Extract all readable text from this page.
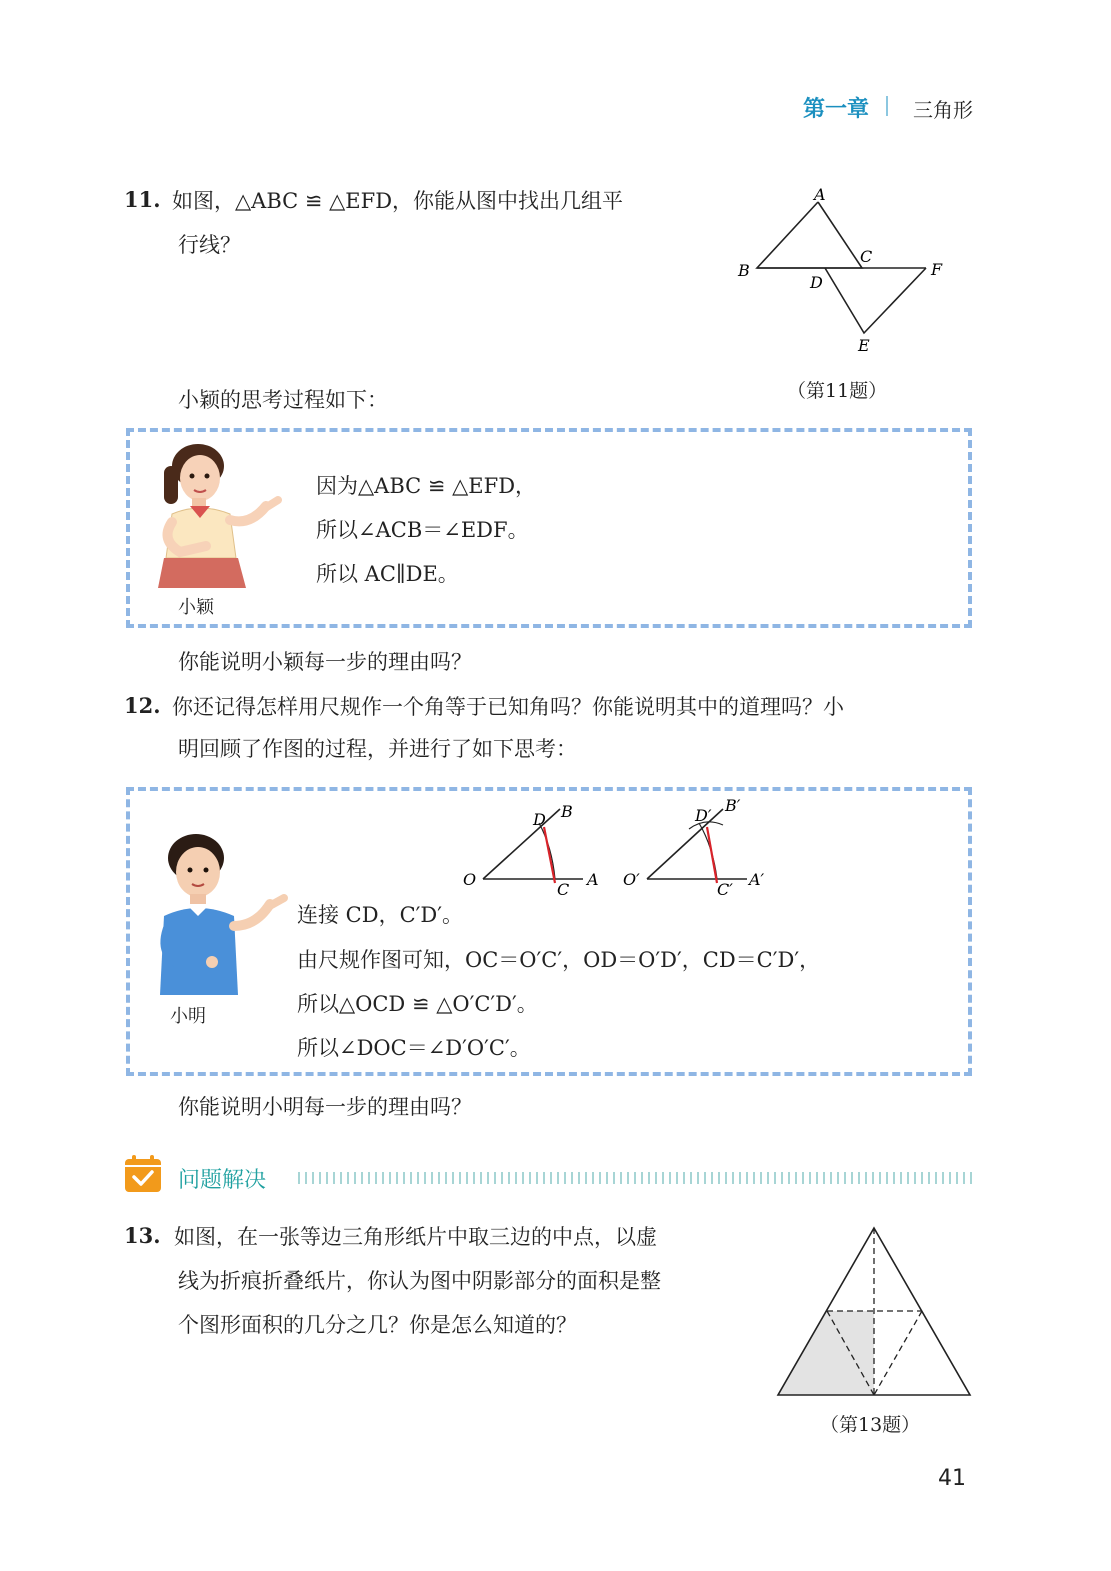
第一章 三角形
11. 如图，△ABC ≌ △EFD，你能从图中找出几组平
行线？
A
B
C
D
E
F
（第11题）
小颖的思考过程如下：
小颖
因为△ABC ≌ △EFD，
所以∠ACB＝∠EDF。
所以 AC∥DE。
你能说明小颖每一步的理由吗？
12. 你还记得怎样用尺规作一个角等于已知角吗？你能说明其中的道理吗？小
明回顾了作图的过程，并进行了如下思考：
O	A
B
C
D
O′	A′
B′
C′
D′
小明
连接 CD，C′D′。
由尺规作图可知，OC＝O′C′，OD＝O′D′，CD＝C′D′，
所以△OCD ≌ △O′C′D′。
所以∠DOC＝∠D′O′C′。
你能说明小明每一步的理由吗？
问题解决
13. 如图，在一张等边三角形纸片中取三边的中点，以虚
线为折痕折叠纸片，你认为图中阴影部分的面积是整
个图形面积的几分之几？你是怎么知道的？
（第13题）
41
